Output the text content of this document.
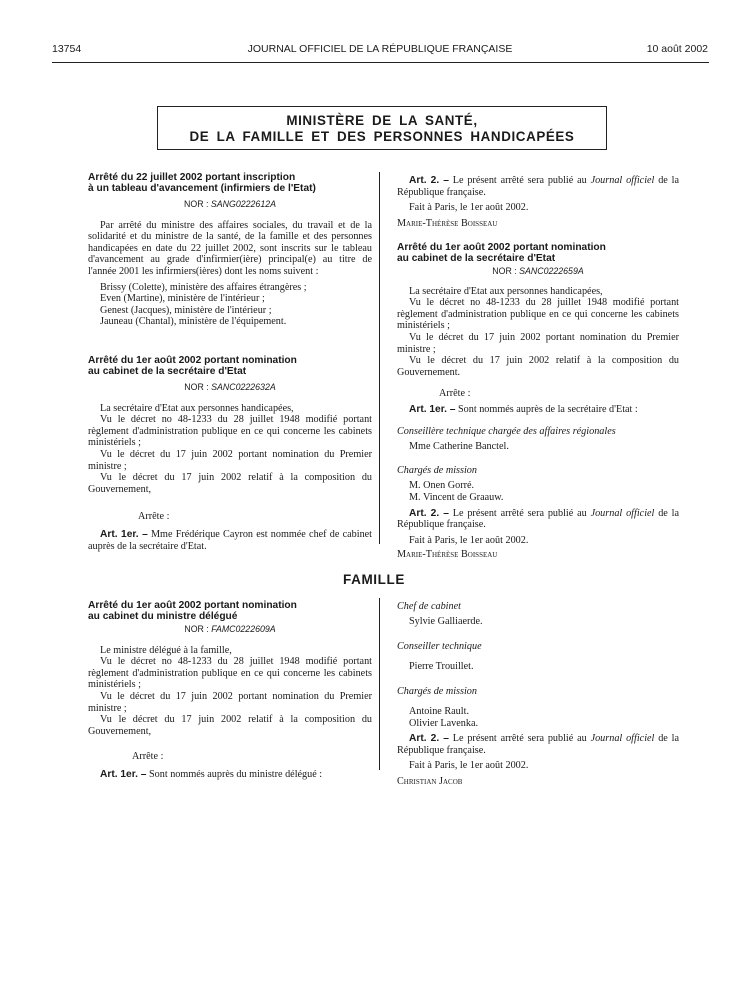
13754	JOURNAL OFFICIEL DE LA RÉPUBLIQUE FRANÇAISE	10 août 2002
MINISTÈRE DE LA SANTÉ,
DE LA FAMILLE ET DES PERSONNES HANDICAPÉES

Arrêté du 22 juillet 2002 portant inscription

à un tableau d'avancement (infirmiers de l'Etat)

NOR : SANG0222612A

Par arrêté du ministre des affaires sociales, du travail et de la solidarité et du ministre de la santé, de la famille et des personnes handicapées en date du 22 juillet 2002, sont inscrits sur le tableau d'avancement au grade d'infirmier(ière) principal(e) au titre de l'année 2001 les infirmiers(ières) dont les noms suivent :

Brissy (Colette), ministère des affaires étrangères ;

Even (Martine), ministère de l'intérieur ;

Genest (Jacques), ministère de l'intérieur ;

Jauneau (Chantal), ministère de l'équipement.

Arrêté du 1er août 2002 portant nomination

au cabinet de la secrétaire d'Etat

NOR : SANC0222632A

La secrétaire d'Etat aux personnes handicapées,

Vu le décret no 48-1233 du 28 juillet 1948 modifié portant règlement d'administration publique en ce qui concerne les cabinets ministériels ;

Vu le décret du 17 juin 2002 portant nomination du Premier ministre ;

Vu le décret du 17 juin 2002 relatif à la composition du Gouvernement,

Arrête :

Art. 1er. – Mme Frédérique Cayron est nommée chef de cabinet auprès de la secrétaire d'Etat.

Art. 2. – Le présent arrêté sera publié au Journal officiel de la République française.

Fait à Paris, le 1er août 2002.

Marie-Thérèse Boisseau

Arrêté du 1er août 2002 portant nomination

au cabinet de la secrétaire d'Etat

NOR : SANC0222659A

La secrétaire d'Etat aux personnes handicapées,

Vu le décret no 48-1233 du 28 juillet 1948 modifié portant règlement d'administration publique en ce qui concerne les cabinets ministériels ;

Vu le décret du 17 juin 2002 portant nomination du Premier ministre ;

Vu le décret du 17 juin 2002 relatif à la composition du Gouvernement.

Arrête :

Art. 1er. – Sont nommés auprès de la secrétaire d'Etat :

Conseillère technique chargée des affaires régionales

Mme Catherine Banctel.

Chargés de mission

M. Onen Gorré.

M. Vincent de Graauw.

Art. 2. – Le présent arrêté sera publié au Journal officiel de la République française.

Fait à Paris, le 1er août 2002.

Marie-Thérèse Boisseau

FAMILLE

Arrêté du 1er août 2002 portant nomination

au cabinet du ministre délégué

NOR : FAMC0222609A

Le ministre délégué à la famille,

Vu le décret no 48-1233 du 28 juillet 1948 modifié portant règlement d'administration publique en ce qui concerne les cabinets ministériels ;

Vu le décret du 17 juin 2002 portant nomination du Premier ministre ;

Vu le décret du 17 juin 2002 relatif à la composition du Gouvernement,

Arrête :

Art. 1er. – Sont nommés auprès du ministre délégué :

Chef de cabinet

Sylvie Galliaerde.

Conseiller technique

Pierre Trouillet.

Chargés de mission

Antoine Rault.

Olivier Lavenka.

Art. 2. – Le présent arrêté sera publié au Journal officiel de la République française.

Fait à Paris, le 1er août 2002.

Christian Jacob
